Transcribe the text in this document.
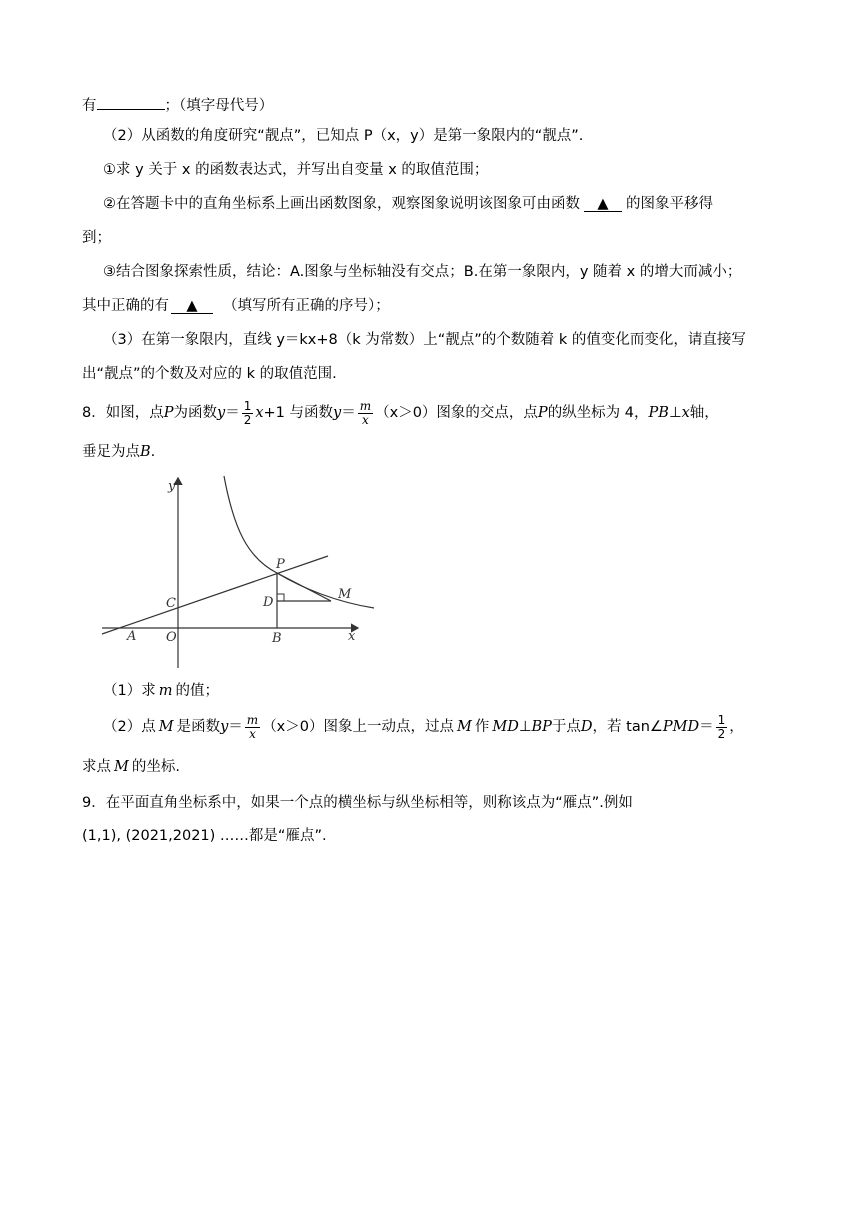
有	；（填字母代号）
（2）从函数的角度研究“靓点”，已知点 P（x，y）是第一象限内的“靓点”.
①求 y 关于 x 的函数表达式，并写出自变量 x 的取值范围；
②在答题卡中的直角坐标系上画出函数图象，观察图象说明该图象可由函数 ▲ 的图象平移得
到；
③结合图象探索性质，结论：A.图象与坐标轴没有交点；B.在第一象限内，y 随着 x 的增大而减小；
其中正确的有 ▲ （填写所有正确的序号）；
（3）在第一象限内，直线 y＝kx+8（k 为常数）上“靓点”的个数随着 k 的值变化而变化，请直接写
出“靓点”的个数及对应的 k 的取值范围.
8．如图，点P为函数$y= \frac{1}{2} x+1$ 与函数$y= \frac{m}{x} (x>0)$图象的交点，点P的纵坐标为 4，PB⊥x轴，
垂足为点B.
y
x
O
A	B
C	D
P
M
（1）求 m 的值；
（2）点 M 是函数$y= \frac{m}{x} (x>0)$图象上一动点，过点 M 作 MD⊥BP于点D，若 tan∠PMD＝ $\frac{1}{2}$ ，
求点 M 的坐标.
9．在平面直角坐标系中，如果一个点的横坐标与纵坐标相等，则称该点为“雁点”.例如
(1,1), (2021,2021) ……都是“雁点”.
